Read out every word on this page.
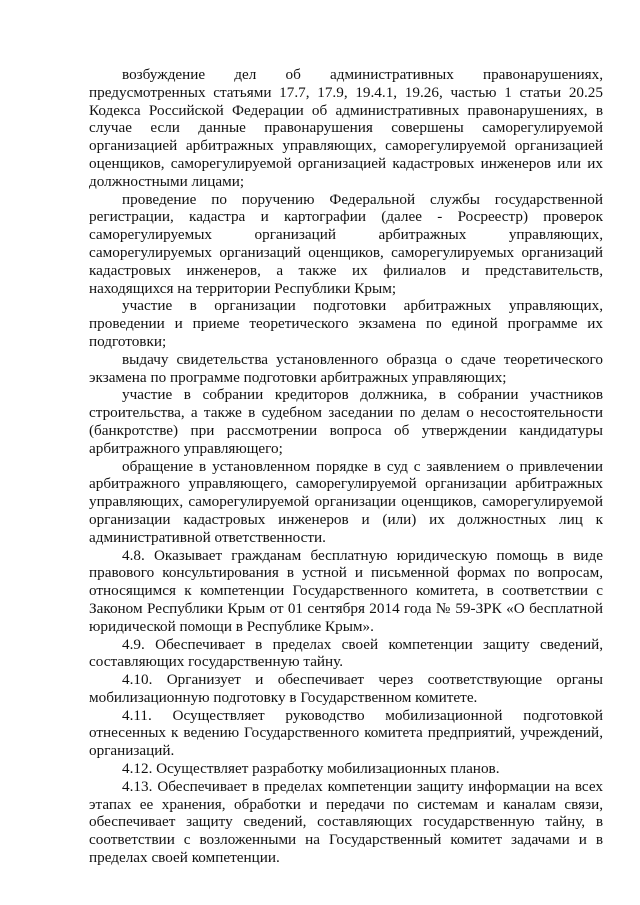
возбуждение дел об административных правонарушениях, предусмотренных статьями 17.7, 17.9, 19.4.1, 19.26, частью 1 статьи 20.25 Кодекса Российской Федерации об административных правонарушениях, в случае если данные правонарушения совершены саморегулируемой организацией арбитражных управляющих, саморегулируемой организацией оценщиков, саморегулируемой организацией кадастровых инженеров или их должностными лицами;

проведение по поручению Федеральной службы государственной регистрации, кадастра и картографии (далее - Росреестр) проверок саморегулируемых организаций арбитражных управляющих, саморегулируемых организаций оценщиков, саморегулируемых организаций кадастровых инженеров, а также их филиалов и представительств, находящихся на территории Республики Крым;

участие в организации подготовки арбитражных управляющих, проведении и приеме теоретического экзамена по единой программе их подготовки;

выдачу свидетельства установленного образца о сдаче теоретического экзамена по программе подготовки арбитражных управляющих;

участие в собрании кредиторов должника, в собрании участников строительства, а также в судебном заседании по делам о несостоятельности (банкротстве) при рассмотрении вопроса об утверждении кандидатуры арбитражного управляющего;

обращение в установленном порядке в суд с заявлением о привлечении арбитражного управляющего, саморегулируемой организации арбитражных управляющих, саморегулируемой организации оценщиков, саморегулируемой организации кадастровых инженеров и (или) их должностных лиц к административной ответственности.

4.8. Оказывает гражданам бесплатную юридическую помощь в виде правового консультирования в устной и письменной формах по вопросам, относящимся к компетенции Государственного комитета, в соответствии с Законом Республики Крым от 01 сентября 2014 года № 59-ЗРК «О бесплатной юридической помощи в Республике Крым».

4.9. Обеспечивает в пределах своей компетенции защиту сведений, составляющих государственную тайну.

4.10. Организует и обеспечивает через соответствующие органы мобилизационную подготовку в Государственном комитете.

4.11. Осуществляет руководство мобилизационной подготовкой отнесенных к ведению Государственного комитета предприятий, учреждений, организаций.

4.12. Осуществляет разработку мобилизационных планов.

4.13. Обеспечивает в пределах компетенции защиту информации на всех этапах ее хранения, обработки и передачи по системам и каналам связи, обеспечивает защиту сведений, составляющих государственную тайну, в соответствии с возложенными на Государственный комитет задачами и в пределах своей компетенции.
